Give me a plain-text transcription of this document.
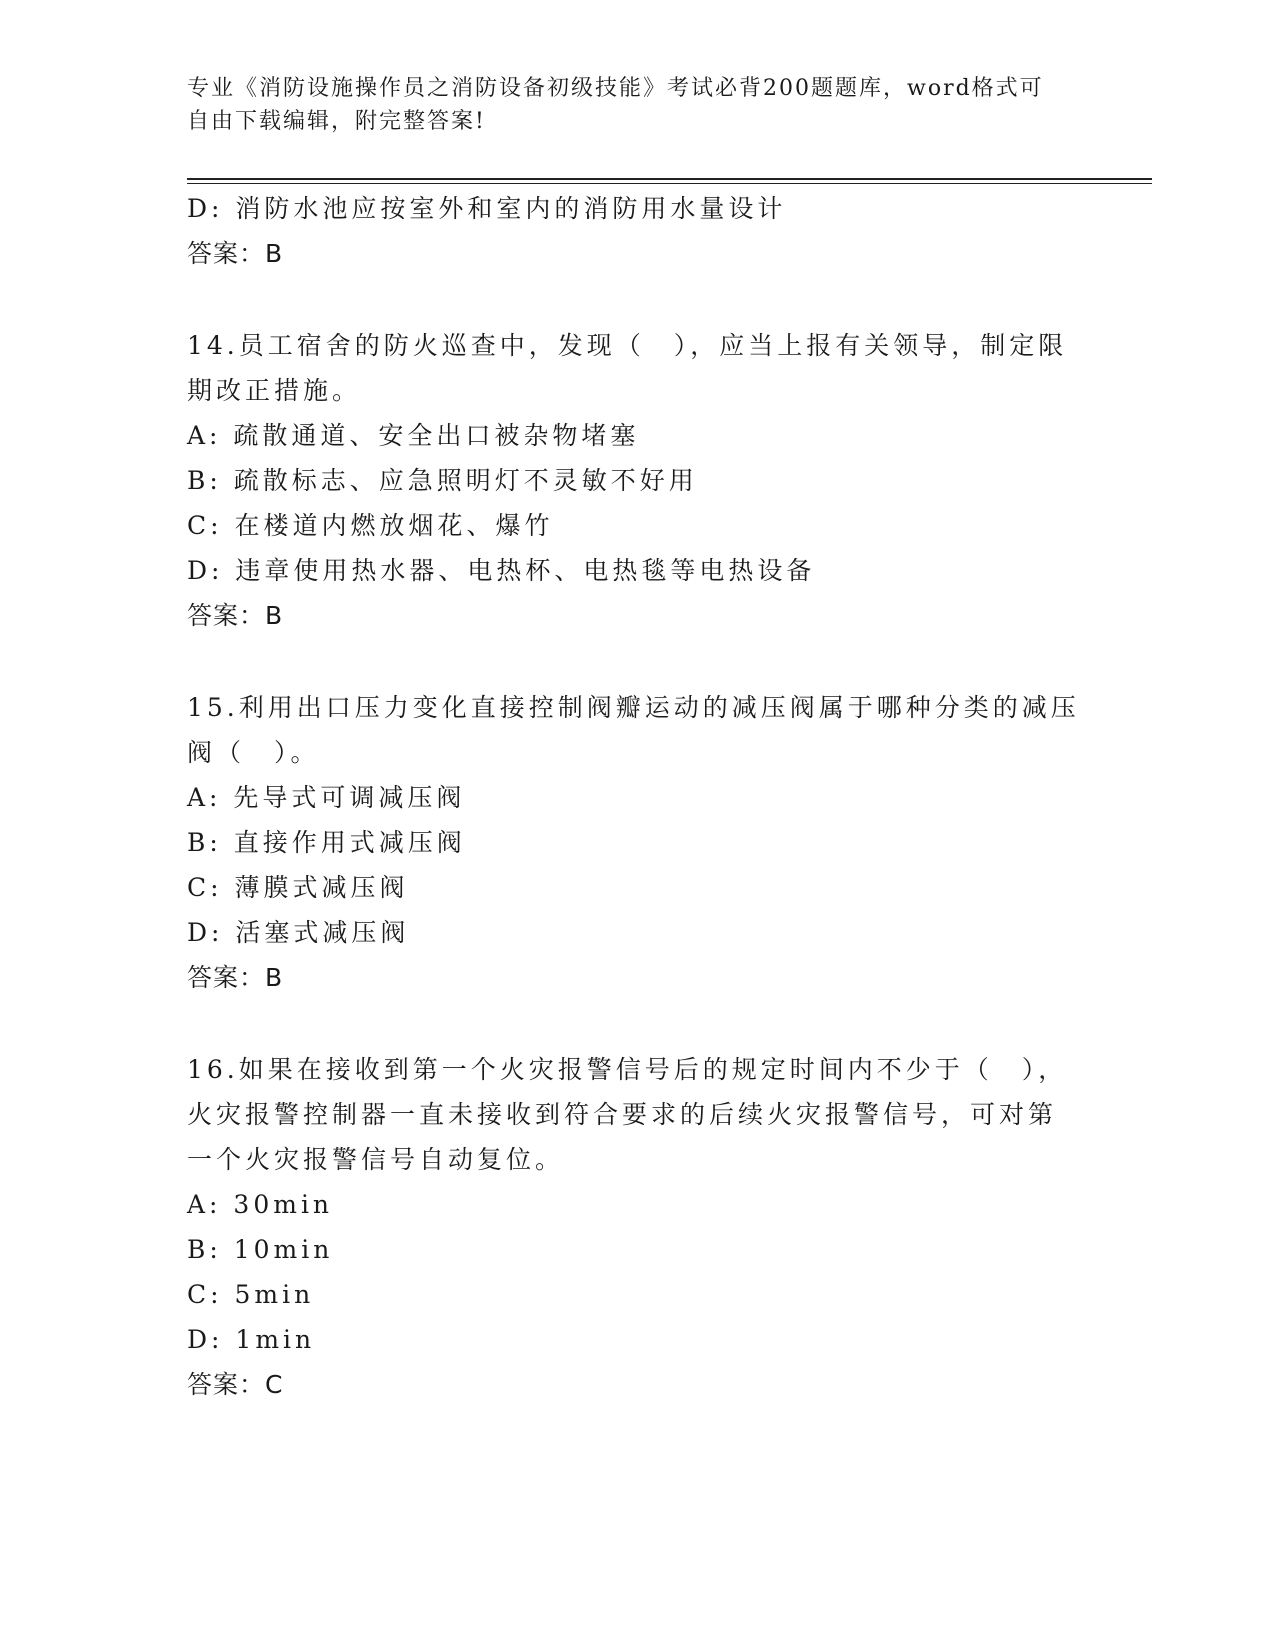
专业《消防设施操作员之消防设备初级技能》考试必背200题题库，word格式可
自由下载编辑，附完整答案!
D: 消防水池应按室外和室内的消防用水量设计
答案：B
14.员工宿舍的防火巡查中，发现（　），应当上报有关领导，制定限
期改正措施。
A: 疏散通道、安全出口被杂物堵塞
B: 疏散标志、应急照明灯不灵敏不好用
C: 在楼道内燃放烟花、爆竹
D: 违章使用热水器、电热杯、电热毯等电热设备
答案：B
15.利用出口压力变化直接控制阀瓣运动的减压阀属于哪种分类的减压
阀（　）。
A: 先导式可调减压阀
B: 直接作用式减压阀
C: 薄膜式减压阀
D: 活塞式减压阀
答案：B
16.如果在接收到第一个火灾报警信号后的规定时间内不少于（　），
火灾报警控制器一直未接收到符合要求的后续火灾报警信号，可对第
一个火灾报警信号自动复位。
A: 30min
B: 10min
C: 5min
D: 1min
答案：C
